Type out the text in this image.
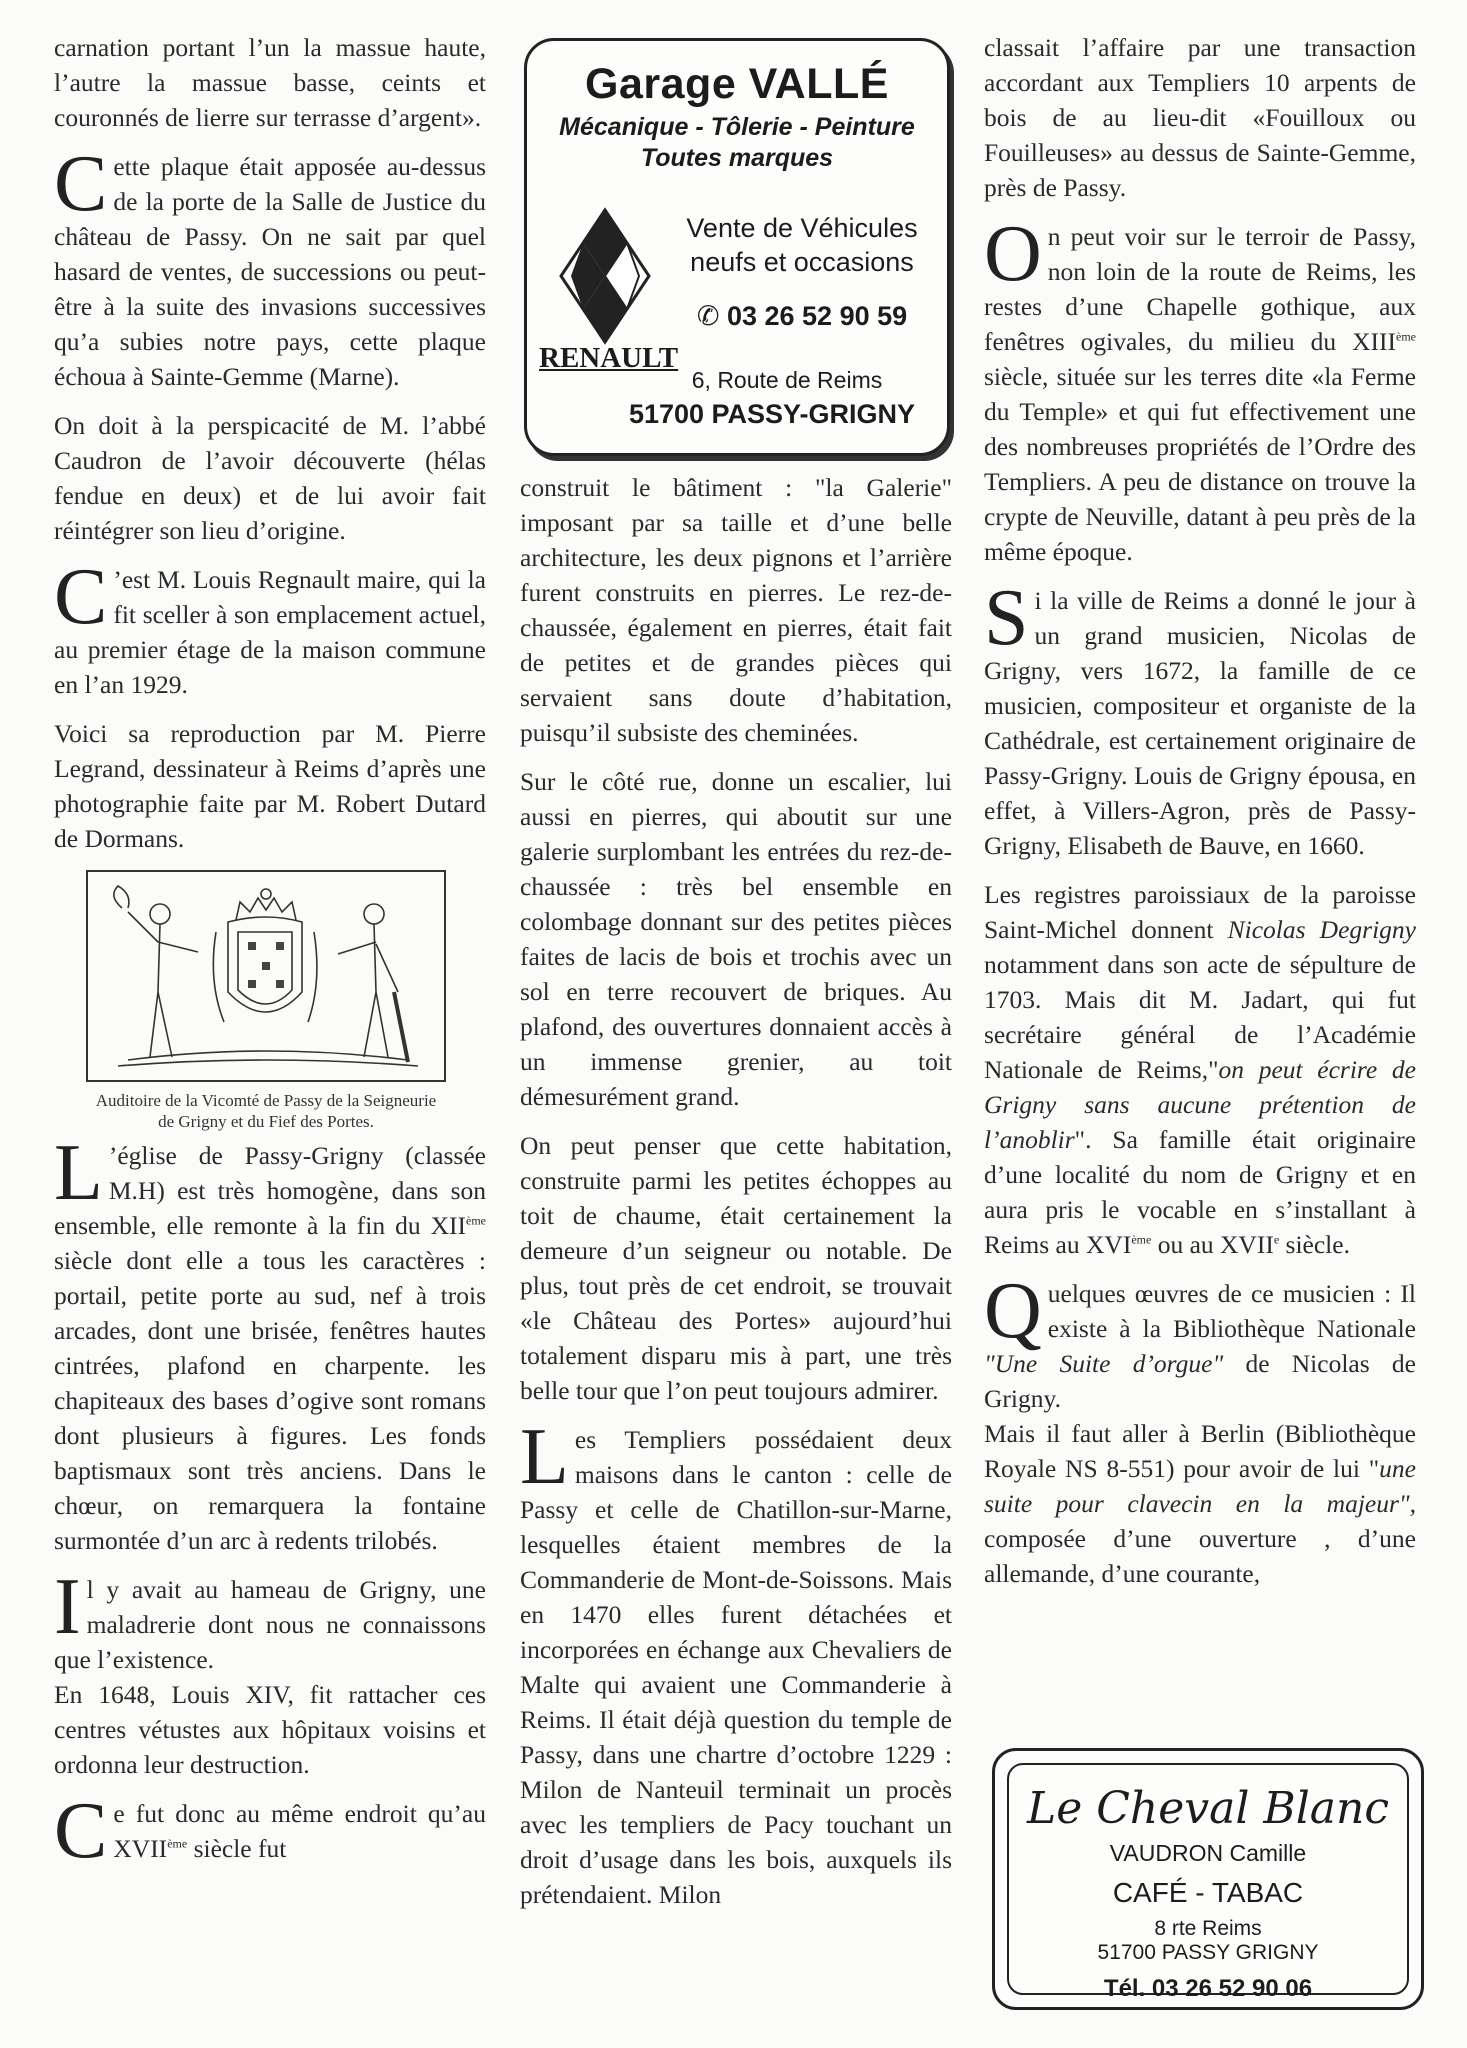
carnation portant l’un la massue haute, l’autre la massue basse, ceints et couronnés de lierre sur terrasse d’argent».

Cette plaque était apposée au-dessus de la porte de la Salle de Justice du château de Passy. On ne sait par quel hasard de ventes, de successions ou peut-être à la suite des invasions successives qu’a subies notre pays, cette plaque échoua à Sainte-Gemme (Marne).

On doit à la perspicacité de M. l’abbé Caudron de l’avoir découverte (hélas fendue en deux) et de lui avoir fait réintégrer son lieu d’origine.

C ’est M. Louis Regnault maire, qui la fit sceller à son emplacement actuel, au premier étage de la maison commune en l’an 1929.

Voici sa reproduction par M. Pierre Legrand, dessinateur à Reims d’après une photographie faite par M. Robert Dutard de Dormans.

Auditoire de la Vicomté de Passy de la Seigneurie de Grigny et du Fief des Portes.

L ’église de Passy-Grigny (classée M.H) est très homogène, dans son ensemble, elle remonte à la fin du XIIème siècle dont elle a tous les caractères : portail, petite porte au sud, nef à trois arcades, dont une brisée, fenêtres hautes cintrées, plafond en charpente. les chapiteaux des bases d’ogive sont romans dont plusieurs à figures. Les fonds baptismaux sont très anciens. Dans le chœur, on remarquera la fontaine surmontée d’un arc à redents trilobés.

Il y avait au hameau de Grigny, une maladrerie dont nous ne connaissons que l’existence.

En 1648, Louis XIV, fit rattacher ces centres vétustes aux hôpitaux voisins et ordonna leur destruction.

Ce fut donc au même endroit qu’au XVIIème siècle fut

Garage VALLÉ
Mécanique - Tôlerie - Peinture
Toutes marques
Vente de Véhicules
neufs et occasions
✆ 03 26 52 90 59
RENAULT
6, Route de Reims
51700 PASSY-GRIGNY

construit le bâtiment : "la Galerie" imposant par sa taille et d’une belle architecture, les deux pignons et l’arrière furent construits en pierres. Le rez-de-chaussée, également en pierres, était fait de petites et de grandes pièces qui servaient sans doute d’habitation, puisqu’il subsiste des cheminées.

Sur le côté rue, donne un escalier, lui aussi en pierres, qui aboutit sur une galerie surplombant les entrées du rez-de-chaussée : très bel ensemble en colombage donnant sur des petites pièces faites de lacis de bois et trochis avec un sol en terre recouvert de briques. Au plafond, des ouvertures donnaient accès à un immense grenier, au toit démesurément grand.

On peut penser que cette habitation, construite parmi les petites échoppes au toit de chaume, était certainement la demeure d’un seigneur ou notable. De plus, tout près de cet endroit, se trouvait «le Château des Portes» aujourd’hui totalement disparu mis à part, une très belle tour que l’on peut toujours admirer.

Les Templiers possédaient deux maisons dans le canton : celle de Passy et celle de Chatillon-sur-Marne, lesquelles étaient membres de la Commanderie de Mont-de-Soissons. Mais en 1470 elles furent détachées et incorporées en échange aux Chevaliers de Malte qui avaient une Commanderie à Reims. Il était déjà question du temple de Passy, dans une chartre d’octobre 1229 : Milon de Nanteuil terminait un procès avec les templiers de Pacy touchant un droit d’usage dans les bois, auxquels ils prétendaient. Milon

classait l’affaire par une transaction accordant aux Templiers 10 arpents de bois de au lieu-dit «Fouilloux ou Fouilleuses» au dessus de Sainte-Gemme, près de Passy.

On peut voir sur le terroir de Passy, non loin de la route de Reims, les restes d’une Chapelle gothique, aux fenêtres ogivales, du milieu du XIIIème siècle, située sur les terres dite «la Ferme du Temple» et qui fut effectivement une des nombreuses propriétés de l’Ordre des Templiers. A peu de distance on trouve la crypte de Neuville, datant à peu près de la même époque.

Si la ville de Reims a donné le jour à un grand musicien, Nicolas de Grigny, vers 1672, la famille de ce musicien, compositeur et organiste de la Cathédrale, est certainement originaire de Passy-Grigny. Louis de Grigny épousa, en effet, à Villers-Agron, près de Passy-Grigny, Elisabeth de Bauve, en 1660.

Les registres paroissiaux de la paroisse Saint-Michel donnent Nicolas Degrigny notamment dans son acte de sépulture de 1703. Mais dit M. Jadart, qui fut secrétaire général de l’Académie Nationale de Reims,"on peut écrire de Grigny sans aucune prétention de l’anoblir". Sa famille était originaire d’une localité du nom de Grigny et en aura pris le vocable en s’installant à Reims au XVIème ou au XVIIe siècle.

Quelques œuvres de ce musicien : Il existe à la Bibliothèque Nationale "Une Suite d’orgue" de Nicolas de Grigny.

Mais il faut aller à Berlin (Bibliothèque Royale NS 8-551) pour avoir de lui "une suite pour clavecin en la majeur", composée d’une ouverture , d’une allemande, d’une courante,

Le Cheval Blanc
VAUDRON Camille
CAFÉ - TABAC
8 rte Reims
51700 PASSY GRIGNY
Tél. 03 26 52 90 06
